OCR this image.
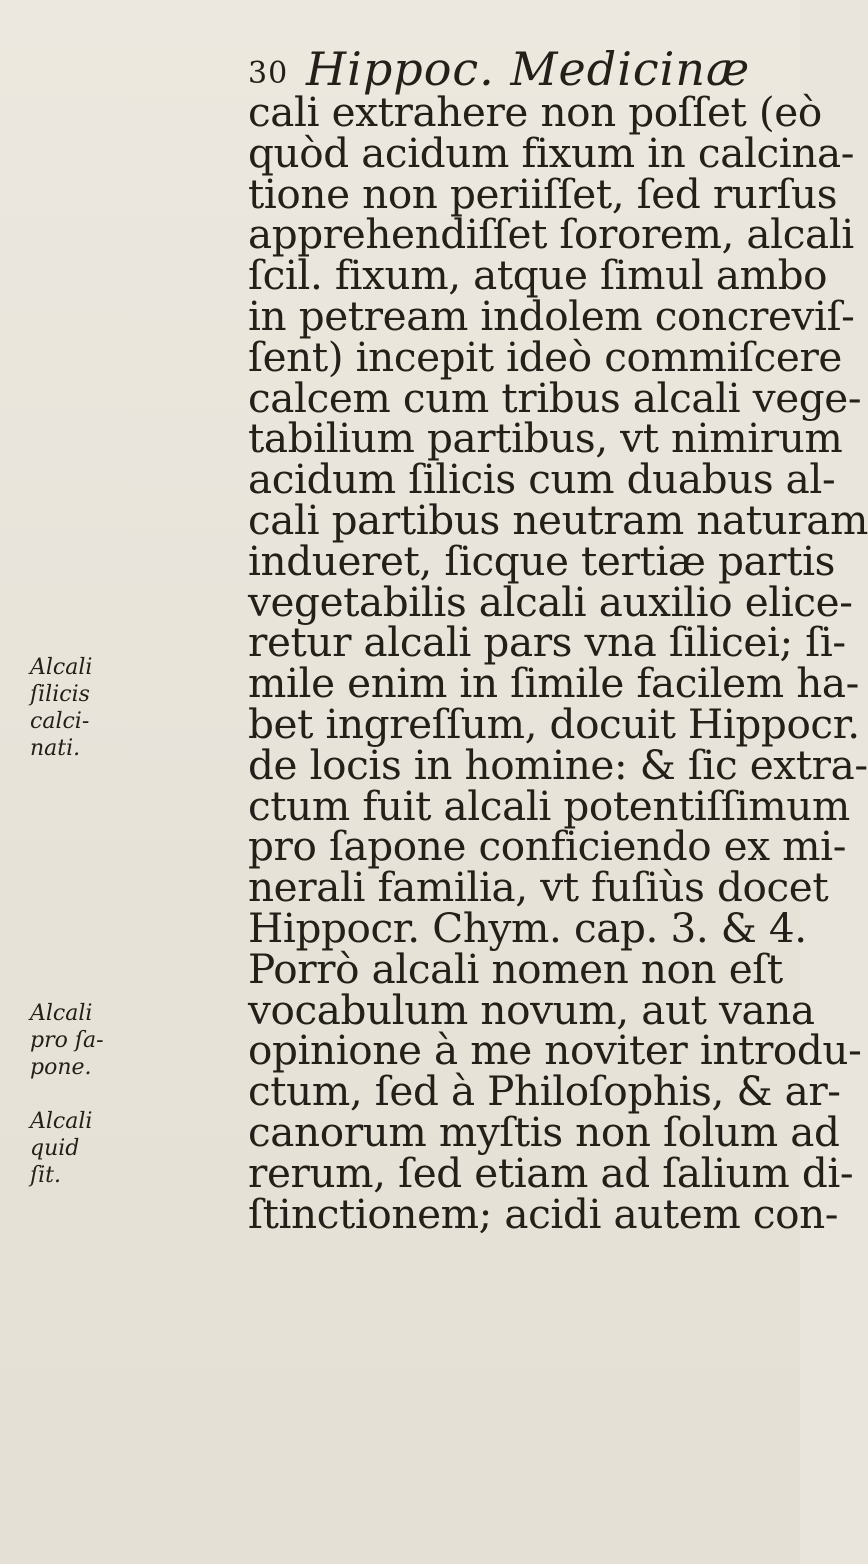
30 Hippoc. Medicinæ
cali extrahere non poſſet (eò
quòd acidum fixum in calcina-
tione non periiſſet, ſed rurſus
apprehendiſſet ſororem, alcali
ſcil. fixum, atque ſimul ambo
in petream indolem concreviſ-
ſent) incepit ideò commiſcere
calcem cum tribus alcali vege-
tabilium partibus, vt nimirum
acidum ſilicis cum duabus al-
cali partibus neutram naturam
indueret, ſicque tertiæ partis
vegetabilis alcali auxilio elice-
retur alcali pars vna ſilicei; ſi-
mile enim in ſimile facilem ha-
bet ingreſſum, docuit Hippocr.
de locis in homine: & ſic extra-
ctum fuit alcali potentiſſimum
pro ſapone conficiendo ex mi-
nerali familia, vt fuſiùs docet
Hippocr. Chym. cap. 3. & 4.
Porrò alcali nomen non eſt
vocabulum novum, aut vana
opinione à me noviter introdu-
ctum, ſed à Philoſophis, & ar-
canorum myſtis non ſolum ad
rerum, ſed etiam ad ſalium di-
ſtinctionem; acidi autem con-
Alcali
ſilicis
calci-
nati.
Alcali
pro ſa-
pone.
Alcali
quid
ſit.
